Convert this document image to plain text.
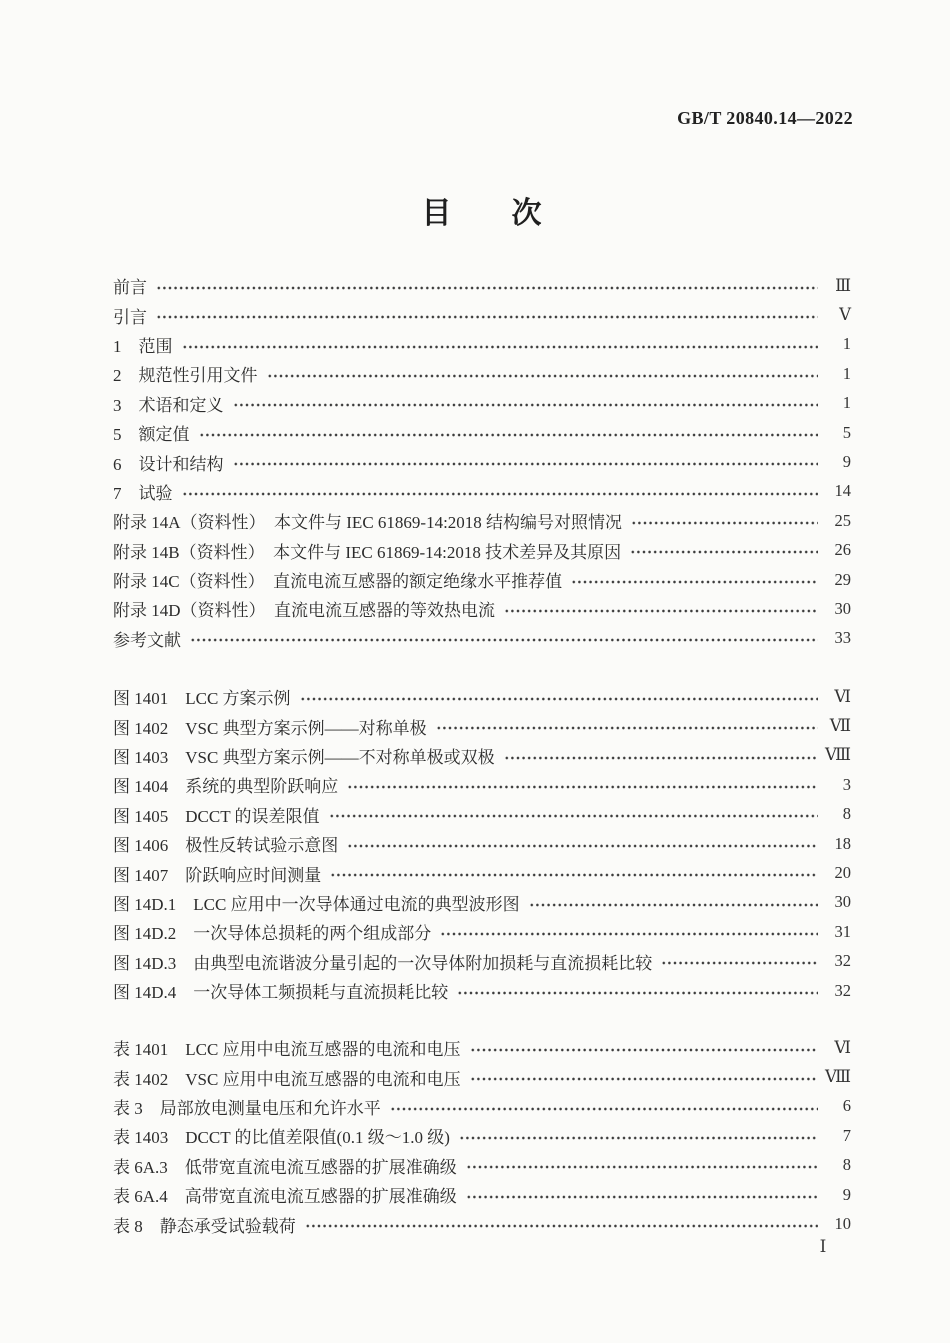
GB/T 20840.14—2022
目　　次
前言	Ⅲ
引言	Ⅴ
1　范围	1
2　规范性引用文件	1
3　术语和定义	1
5　额定值	5
6　设计和结构	9
7　试验	14
附录 14A（资料性）　本文件与 IEC 61869-14:2018 结构编号对照情况	25
附录 14B（资料性）　本文件与 IEC 61869-14:2018 技术差异及其原因	26
附录 14C（资料性）　直流电流互感器的额定绝缘水平推荐值	29
附录 14D（资料性）　直流电流互感器的等效热电流	30
参考文献	33
图 1401　LCC 方案示例	Ⅵ
图 1402　VSC 典型方案示例——对称单极	Ⅶ
图 1403　VSC 典型方案示例——不对称单极或双极	Ⅷ
图 1404　系统的典型阶跃响应	3
图 1405　DCCT 的误差限值	8
图 1406　极性反转试验示意图	18
图 1407　阶跃响应时间测量	20
图 14D.1　LCC 应用中一次导体通过电流的典型波形图	30
图 14D.2　一次导体总损耗的两个组成部分	31
图 14D.3　由典型电流谐波分量引起的一次导体附加损耗与直流损耗比较	32
图 14D.4　一次导体工频损耗与直流损耗比较	32
表 1401　LCC 应用中电流互感器的电流和电压	Ⅵ
表 1402　VSC 应用中电流互感器的电流和电压	Ⅷ
表 3　局部放电测量电压和允许水平	6
表 1403　DCCT 的比值差限值(0.1 级～1.0 级)	7
表 6A.3　低带宽直流电流互感器的扩展准确级	8
表 6A.4　高带宽直流电流互感器的扩展准确级	9
表 8　静态承受试验载荷	10
Ⅰ
